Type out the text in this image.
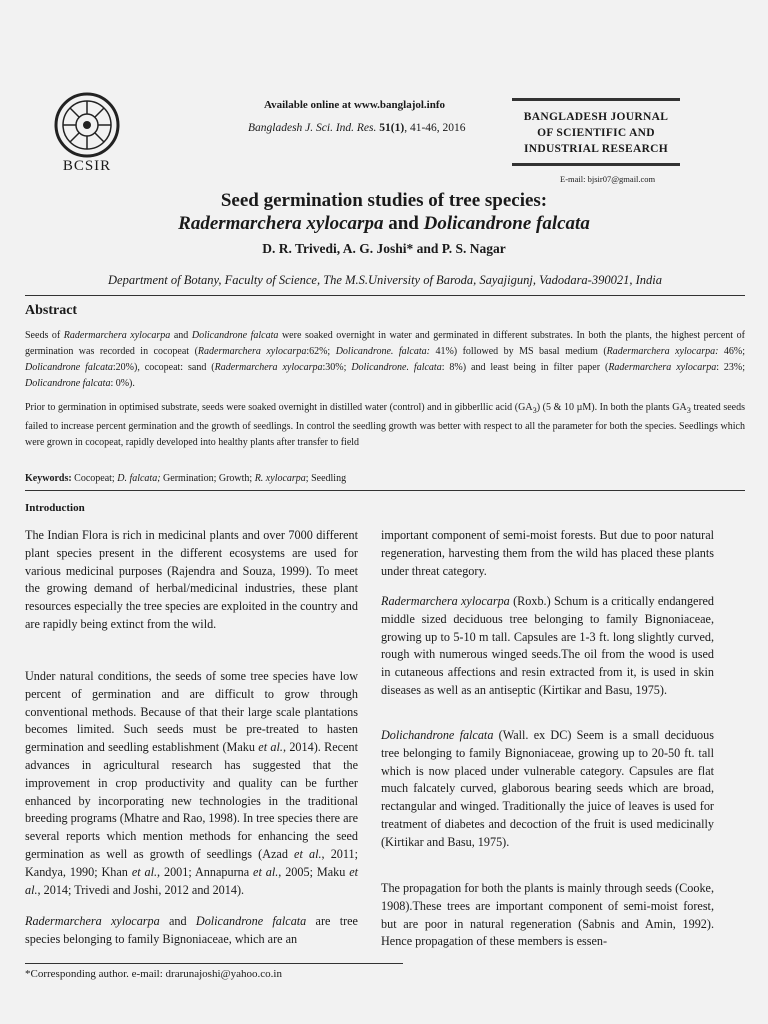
BCSIR
Available online at www.banglajol.info
Bangladesh J. Sci. Ind. Res. 51(1), 41-46, 2016
BANGLADESH JOURNAL
OF SCIENTIFIC AND
INDUSTRIAL RESEARCH
E-mail: bjsir07@gmail.com
Seed germination studies of tree species:
Radermarchera xylocarpa and Dolicandrone falcata
D. R. Trivedi, A. G. Joshi* and P. S. Nagar
Department of Botany, Faculty of Science, The M.S.University of Baroda, Sayajigunj, Vadodara-390021, India
Abstract
Seeds of Radermarchera xylocarpa and Dolicandrone falcata were soaked overnight in water and germinated in different substrates. In both the plants, the highest percent of germination was recorded in cocopeat (Radermarchera xylocarpa:62%; Dolicandrone. falcata: 41%) followed by MS basal medium (Radermarchera xylocarpa: 46%; Dolicandrone falcata:20%), cocopeat: sand (Radermarchera xylocarpa:30%; Dolicandrone. falcata: 8%) and least being in filter paper (Radermarchera xylocarpa: 23%; Dolicandrone falcata: 0%).
Prior to germination in optimised substrate, seeds were soaked overnight in distilled water (control) and in gibberllic acid $(GA_3)$ (5 & 10 µM). In both the plants $GA_3$ treated seeds failed to increase percent germination and the growth of seedlings. In control the seedling growth was better with respect to all the parameter for both the species. Seedlings which were grown in cocopeat, rapidly developed into healthy plants after transfer to field
Keywords: Cocopeat; D. falcata; Germination; Growth; R. xylocarpa; Seedling
Introduction
The Indian Flora is rich in medicinal plants and over 7000 different plant species present in the different ecosystems are used for various medicinal purposes (Rajendra and Souza, 1999). To meet the growing demand of herbal/medicinal industries, these plant resources especially the tree species are exploited in the country and are rapidly being extinct from the wild.
Under natural conditions, the seeds of some tree species have low percent of germination and are difficult to grow through conventional methods. Because of that their large scale plantations becomes limited. Such seeds must be pre-treated to hasten germination and seedling establishment (Maku et al., 2014). Recent advances in agricultural research has suggested that the improvement in crop productivity and quality can be further enhanced by incorporating new technologies in the traditional breeding programs (Mhatre and Rao, 1998). In tree species there are several reports which mention methods for enhancing the seed germination as well as growth of seedlings (Azad et al., 2011; Kandya, 1990; Khan et al., 2001; Annapurna et al., 2005; Maku et al., 2014; Trivedi and Joshi, 2012 and 2014).
Radermarchera xylocarpa and Dolicandrone falcata are tree species belonging to family Bignoniaceae, which are an
important component of semi-moist forests. But due to poor natural regeneration, harvesting them from the wild has placed these plants under threat category.
Radermarchera xylocarpa (Roxb.) Schum is a critically endangered middle sized deciduous tree belonging to family Bignoniaceae, growing up to 5-10 m tall. Capsules are 1-3 ft. long slightly curved, rough with numerous winged seeds.The oil from the wood is used in cutaneous affections and resin extracted from it, is used in skin diseases as well as an antiseptic (Kirtikar and Basu, 1975).
Dolichandrone falcata (Wall. ex DC) Seem is a small deciduous tree belonging to family Bignoniaceae, growing up to 20-50 ft. tall which is now placed under vulnerable category. Capsules are flat much falcately curved, glaborous bearing seeds which are broad, rectangular and winged. Traditionally the juice of leaves is used for treatment of diabetes and decoction of the fruit is used medicinally (Kirtikar and Basu, 1975).
The propagation for both the plants is mainly through seeds (Cooke, 1908).These trees are important component of semi-moist forest, but are poor in natural regeneration (Sabnis and Amin, 1992). Hence propagation of these members is essen-
*Corresponding author. e-mail: drarunajoshi@yahoo.co.in
